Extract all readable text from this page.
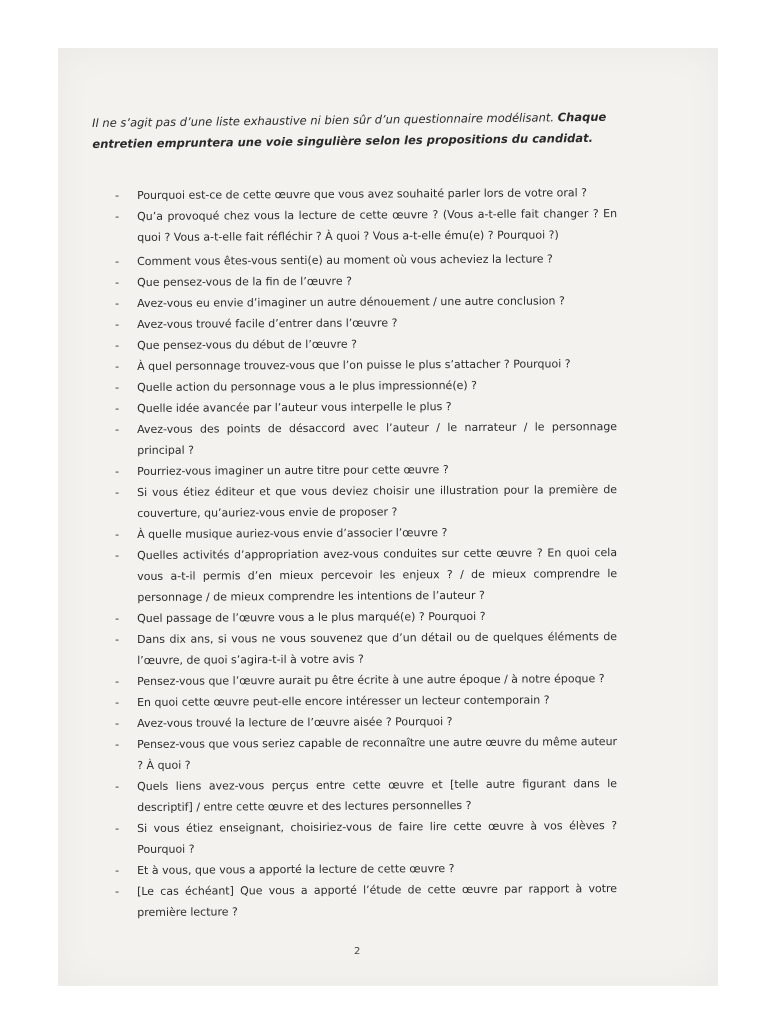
Il ne s’agit pas d’une liste exhaustive ni bien sûr d’un questionnaire modélisant. Chaque entretien empruntera une voie singulière selon les propositions du candidat.

- Pourquoi est-ce de cette œuvre que vous avez souhaité parler lors de votre oral ?
- Qu’a provoqué chez vous la lecture de cette œuvre ? (Vous a-t-elle fait changer ? En quoi ? Vous a-t-elle fait réfléchir ? À quoi ? Vous a-t-elle ému(e) ? Pourquoi ?)
- Comment vous êtes-vous senti(e) au moment où vous acheviez la lecture ?
- Que pensez-vous de la fin de l’œuvre ?
- Avez-vous eu envie d’imaginer un autre dénouement / une autre conclusion ?
- Avez-vous trouvé facile d’entrer dans l’œuvre ?
- Que pensez-vous du début de l’œuvre ?
- À quel personnage trouvez-vous que l’on puisse le plus s’attacher ? Pourquoi ?
- Quelle action du personnage vous a le plus impressionné(e) ?
- Quelle idée avancée par l’auteur vous interpelle le plus ?
- Avez-vous des points de désaccord avec l’auteur / le narrateur / le personnage principal ?
- Pourriez-vous imaginer un autre titre pour cette œuvre ?
- Si vous étiez éditeur et que vous deviez choisir une illustration pour la première de couverture, qu’auriez-vous envie de proposer ?
- À quelle musique auriez-vous envie d’associer l’œuvre ?
- Quelles activités d’appropriation avez-vous conduites sur cette œuvre ? En quoi cela vous a-t-il permis d’en mieux percevoir les enjeux ? / de mieux comprendre le personnage / de mieux comprendre les intentions de l’auteur ?
- Quel passage de l’œuvre vous a le plus marqué(e) ? Pourquoi ?
- Dans dix ans, si vous ne vous souvenez que d’un détail ou de quelques éléments de l’œuvre, de quoi s’agira-t-il à votre avis ?
- Pensez-vous que l’œuvre aurait pu être écrite à une autre époque / à notre époque ?
- En quoi cette œuvre peut-elle encore intéresser un lecteur contemporain ?
- Avez-vous trouvé la lecture de l’œuvre aisée ? Pourquoi ?
- Pensez-vous que vous seriez capable de reconnaître une autre œuvre du même auteur ? À quoi ?
- Quels liens avez-vous perçus entre cette œuvre et [telle autre figurant dans le descriptif] / entre cette œuvre et des lectures personnelles ?
- Si vous étiez enseignant, choisiriez-vous de faire lire cette œuvre à vos élèves ? Pourquoi ?
- Et à vous, que vous a apporté la lecture de cette œuvre ?
- [Le cas échéant] Que vous a apporté l’étude de cette œuvre par rapport à votre première lecture ?
2
